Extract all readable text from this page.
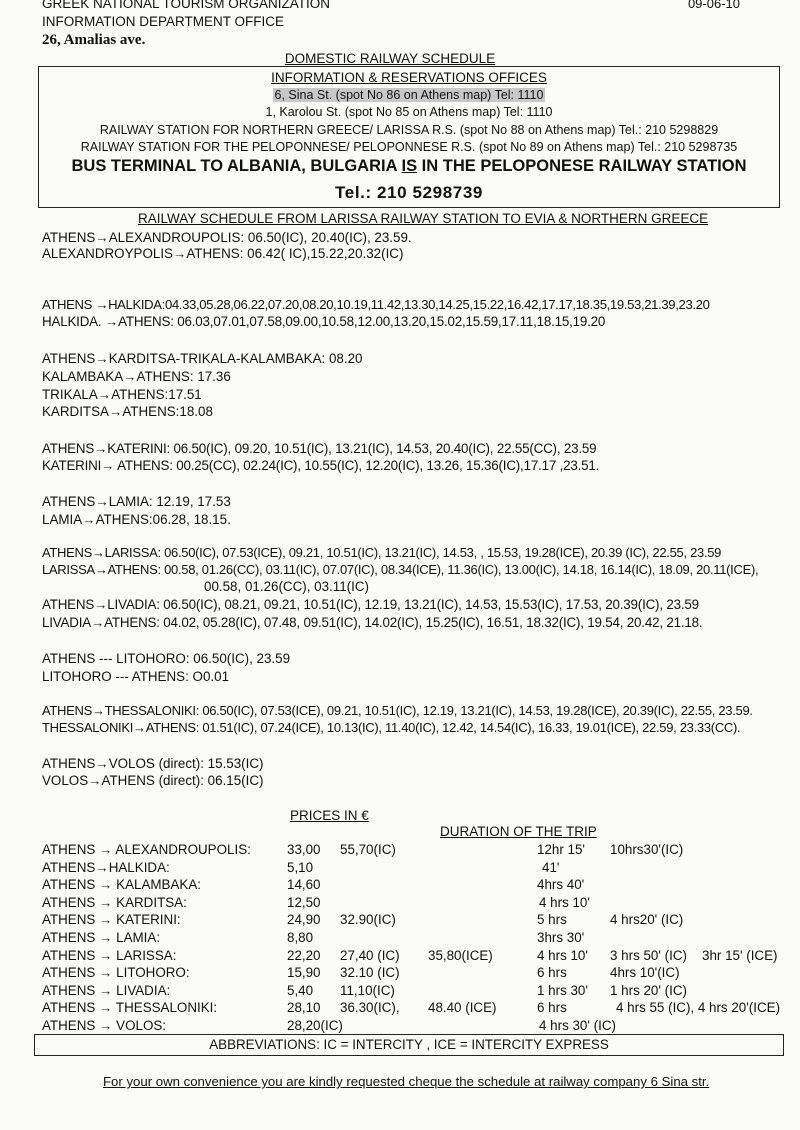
GREEK NATIONAL TOURISM ORGANIZATION
INFORMATION DEPARTMENT OFFICE
26, Amalias ave.
09-06-10
DOMESTIC RAILWAY SCHEDULE
INFORMATION & RESERVATIONS OFFICES
6, Sina St. (spot No 86 on Athens map) Tel: 1110
1, Karolou St. (spot No 85 on Athens map) Tel: 1110
RAILWAY STATION FOR NORTHERN GREECE/ LARISSA R.S. (spot No 88 on Athens map) Tel.: 210 5298829
RAILWAY STATION FOR THE PELOPONNESE/ PELOPONNESE R.S. (spot No 89 on Athens map) Tel.: 210 5298735
BUS TERMINAL TO ALBANIA, BULGARIA IS IN THE PELOPONESE RAILWAY STATION
Tel.: 210 5298739
RAILWAY SCHEDULE FROM LARISSA RAILWAY STATION TO EVIA & NORTHERN GREECE
ATHENS→ALEXANDROUPOLIS: 06.50(IC), 20.40(IC), 23.59.
ALEXANDROYPOLIS→ATHENS: 06.42( IC),15.22,20.32(IC)
ATHENS →HALKIDA:04.33,05.28,06.22,07.20,08.20,10.19,11.42,13.30,14.25,15.22,16.42,17.17,18.35,19.53,21.39,23.20
HALKIDA. →ATHENS: 06.03,07.01,07.58,09.00,10.58,12.00,13.20,15.02,15.59,17.11,18.15,19.20
ATHENS→KARDITSA-TRIKALA-KALAMBAKA: 08.20
KALAMBAKA→ATHENS: 17.36
TRIKALA→ATHENS:17.51
KARDITSA→ATHENS:18.08
ATHENS→KATERINI: 06.50(IC), 09.20, 10.51(IC), 13.21(IC), 14.53, 20.40(IC), 22.55(CC), 23.59
KATERINI→ ATHENS: 00.25(CC), 02.24(IC), 10.55(IC), 12.20(IC), 13.26, 15.36(IC),17.17 ,23.51.
ATHENS→LAMIA: 12.19, 17.53
LAMIA→ATHENS:06.28, 18.15.
ATHENS→LARISSA: 06.50(IC), 07.53(ICE), 09.21, 10.51(IC), 13.21(IC), 14.53, , 15.53, 19.28(ICE), 20.39 (IC), 22.55, 23.59
LARISSA→ATHENS: 00.58, 01.26(CC), 03.11(IC), 07.07(IC), 08.34(ICE), 11.36(IC), 13.00(IC), 14.18, 16.14(IC), 18.09, 20.11(ICE),
00.58, 01.26(CC), 03.11(IC)
ATHENS→LIVADIA: 06.50(IC), 08.21, 09.21, 10.51(IC), 12.19, 13.21(IC), 14.53, 15.53(IC), 17.53, 20.39(IC), 23.59
LIVADIA→ATHENS: 04.02, 05.28(IC), 07.48, 09.51(IC), 14.02(IC), 15.25(IC), 16.51, 18.32(IC), 19.54, 20.42, 21.18.
ATHENS --- LITOHORO: 06.50(IC), 23.59
LITOHORO --- ATHENS: O0.01
ATHENS→THESSALONIKI: 06.50(IC), 07.53(ICE), 09.21, 10.51(IC), 12.19, 13.21(IC), 14.53, 19.28(ICE), 20.39(IC), 22.55, 23.59.
THESSALONIKI→ATHENS: 01.51(IC), 07.24(ICE), 10.13(IC), 11.40(IC), 12.42, 14.54(IC), 16.33, 19.01(ICE), 22.59, 23.33(CC).
ATHENS→VOLOS (direct): 15.53(IC)
VOLOS→ATHENS (direct): 06.15(IC)
PRICES IN €
DURATION OF THE TRIP
ATHENS → ALEXANDROUPOLIS:	33,00 55,70(IC)	12hr 15' 10hrs30'(IC)
ATHENS→HALKIDA:	5,10	41'
ATHENS → KALAMBAKA:	14,60	4hrs 40'
ATHENS → KARDITSA:	12,50	4 hrs 10'
ATHENS → KATERINI:	24,90 32.90(IC)	5 hrs	4 hrs20' (IC)
ATHENS → LAMIA:	8,80	3hrs 30'
ATHENS → LARISSA:	22,20 27,40 (IC) 35,80(ICE)	4 hrs 10' 3 hrs 50' (IC) 3hr 15' (ICE)
ATHENS → LITOHORO:	15,90 32.10 (IC)	6 hrs	4hrs 10'(IC)
ATHENS → LIVADIA:	5,40 11,10(IC)	1 hrs 30' 1 hrs 20' (IC)
ATHENS → THESSALONIKI:	28,10 36.30(IC), 48.40 (ICE)	6 hrs	4 hrs 55 (IC), 4 hrs 20'(ICE)
ATHENS → VOLOS:	28,20(IC)	4 hrs 30' (IC)
ABBREVIATIONS: IC = INTERCITY , ICE = INTERCITY EXPRESS
For your own convenience you are kindly requested cheque the schedule at railway company 6 Sina str.
